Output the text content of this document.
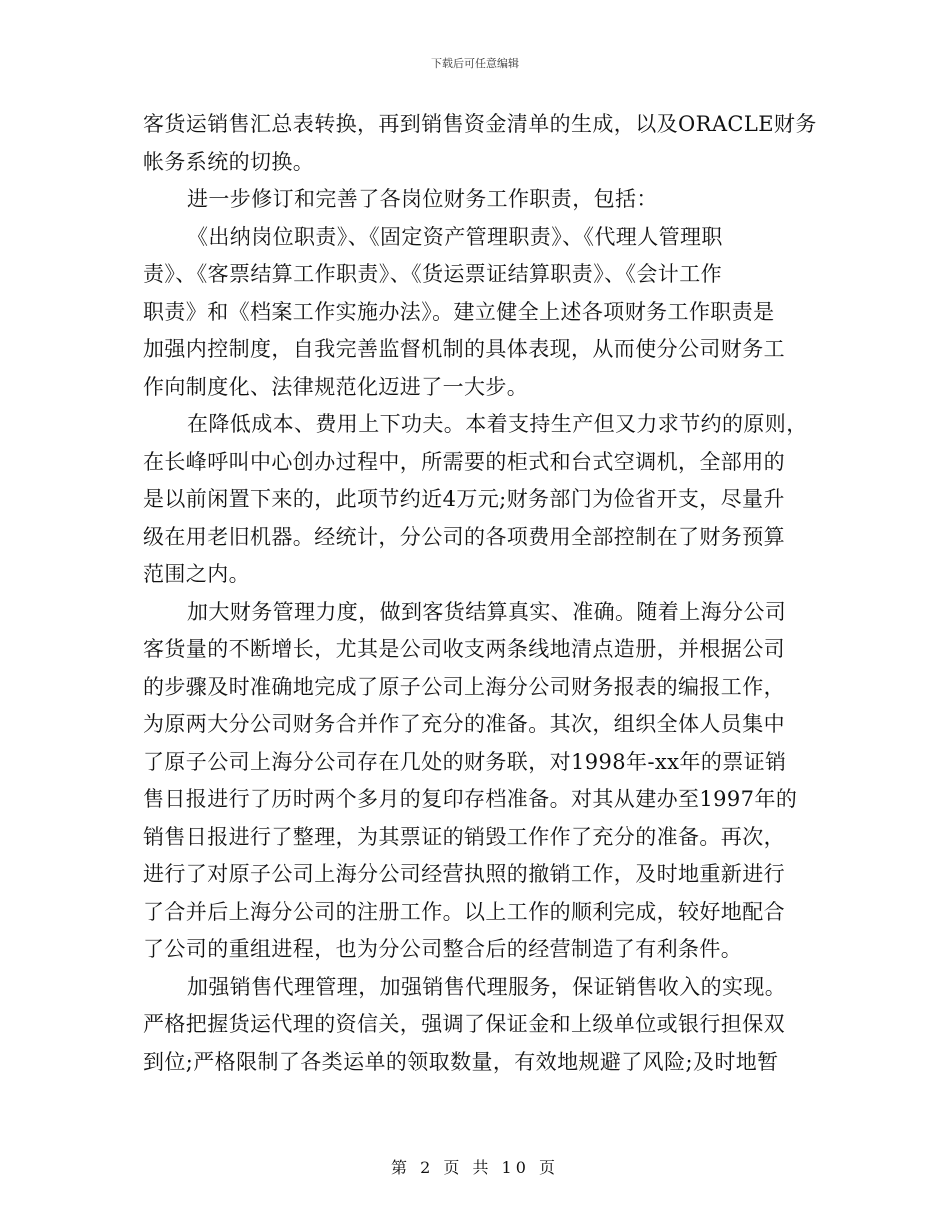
下载后可任意编辑
客货运销售汇总表转换，再到销售资金清单的生成，以及ORACLE财务
帐务系统的切换。
进一步修订和完善了各岗位财务工作职责，包括：
《出纳岗位职责》、《固定资产管理职责》、《代理人管理职
责》、《客票结算工作职责》、《货运票证结算职责》、《会计工作
职责》和《档案工作实施办法》。建立健全上述各项财务工作职责是
加强内控制度，自我完善监督机制的具体表现，从而使分公司财务工
作向制度化、法律规范化迈进了一大步。
在降低成本、费用上下功夫。本着支持生产但又力求节约的原则，
在长峰呼叫中心创办过程中，所需要的柜式和台式空调机，全部用的
是以前闲置下来的，此项节约近4万元;财务部门为俭省开支，尽量升
级在用老旧机器。经统计，分公司的各项费用全部控制在了财务预算
范围之内。
加大财务管理力度，做到客货结算真实、准确。随着上海分公司
客货量的不断增长，尤其是公司收支两条线地清点造册，并根据公司
的步骤及时准确地完成了原子公司上海分公司财务报表的编报工作，
为原两大分公司财务合并作了充分的准备。其次，组织全体人员集中
了原子公司上海分公司存在几处的财务联，对1998年-xx年的票证销
售日报进行了历时两个多月的复印存档准备。对其从建办至1997年的
销售日报进行了整理，为其票证的销毁工作作了充分的准备。再次，
进行了对原子公司上海分公司经营执照的撤销工作，及时地重新进行
了合并后上海分公司的注册工作。以上工作的顺利完成，较好地配合
了公司的重组进程，也为分公司整合后的经营制造了有利条件。
加强销售代理管理，加强销售代理服务，保证销售收入的实现。
严格把握货运代理的资信关，强调了保证金和上级单位或银行担保双
到位;严格限制了各类运单的领取数量，有效地规避了风险;及时地暂
第 2 页 共 10 页
